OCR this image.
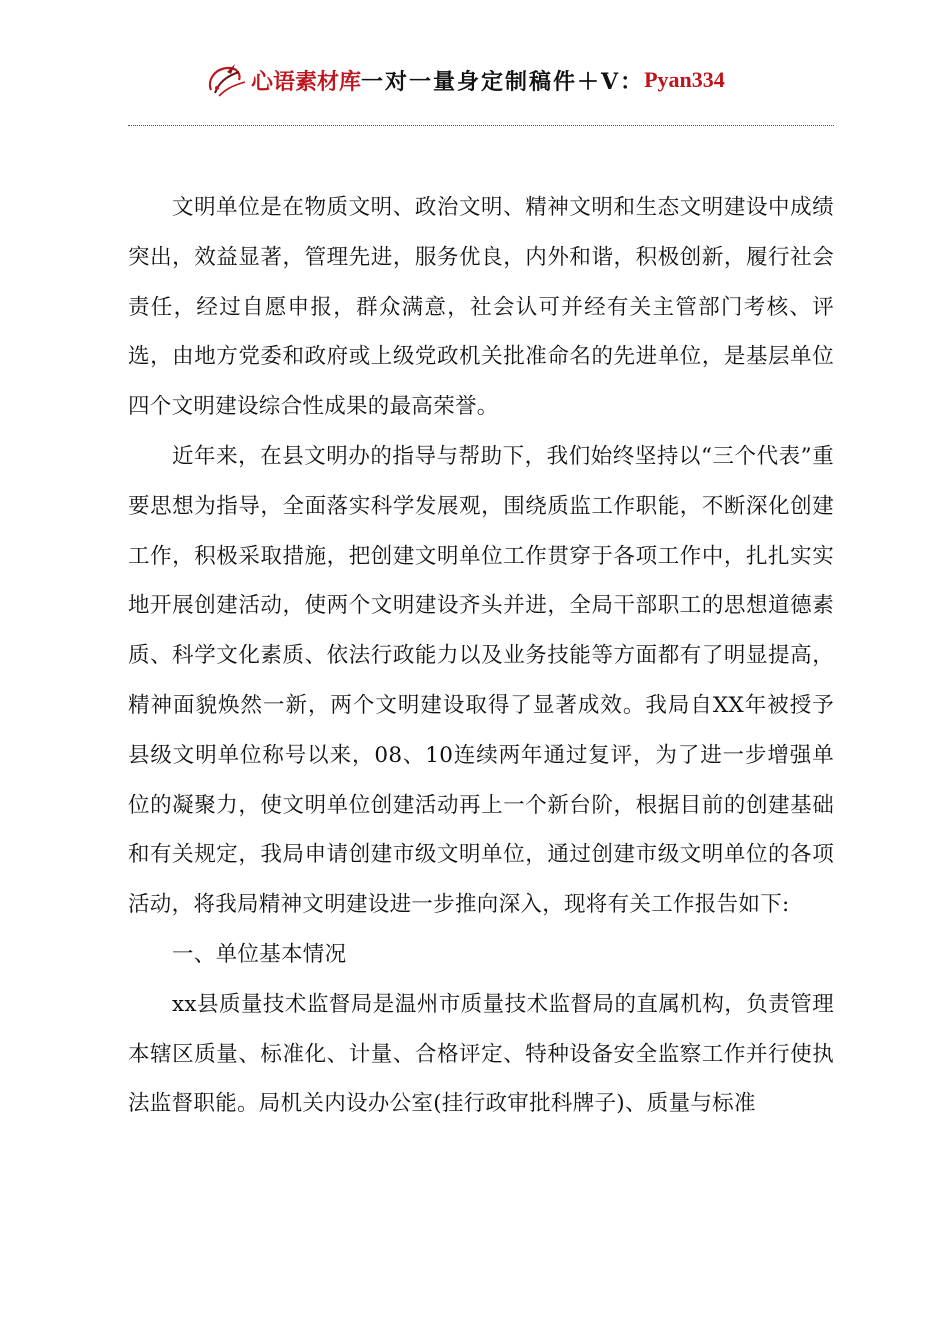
心语素材库 一对一量身定制稿件＋V： Pyan334

文明单位是在物质文明、政治文明、精神文明和生态文明建设中成绩突出，效益显著，管理先进，服务优良，内外和谐，积极创新，履行社会责任，经过自愿申报，群众满意，社会认可并经有关主管部门考核、评选，由地方党委和政府或上级党政机关批准命名的先进单位，是基层单位四个文明建设综合性成果的最高荣誉。

近年来，在县文明办的指导与帮助下，我们始终坚持以“三个代表”重要思想为指导，全面落实科学发展观，围绕质监工作职能，不断深化创建工作，积极采取措施，把创建文明单位工作贯穿于各项工作中，扎扎实实地开展创建活动，使两个文明建设齐头并进，全局干部职工的思想道德素质、科学文化素质、依法行政能力以及业务技能等方面都有了明显提高，精神面貌焕然一新，两个文明建设取得了显著成效。我局自XX年被授予县级文明单位称号以来，08、10连续两年通过复评，为了进一步增强单位的凝聚力，使文明单位创建活动再上一个新台阶，根据目前的创建基础和有关规定，我局申请创建市级文明单位，通过创建市级文明单位的各项活动，将我局精神文明建设进一步推向深入，现将有关工作报告如下:

一、单位基本情况

xx县质量技术监督局是温州市质量技术监督局的直属机构，负责管理本辖区质量、标准化、计量、合格评定、特种设备安全监察工作并行使执法监督职能。局机关内设办公室(挂行政审批科牌子)、质量与标准
